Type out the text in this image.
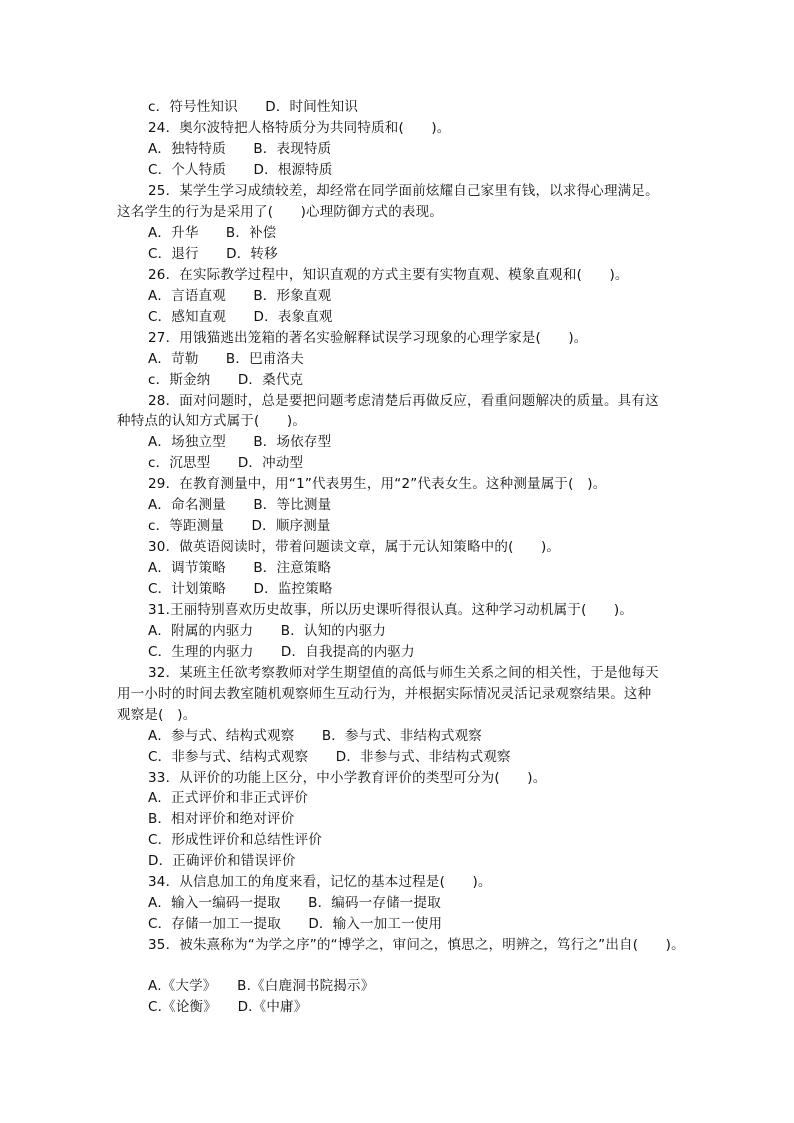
c．符号性知识　　D．时间性知识
24．奥尔波特把人格特质分为共同特质和(　　)。
A．独特特质　　B．表现特质
C．个人特质　　D．根源特质
25．某学生学习成绩较差，却经常在同学面前炫耀自己家里有钱，以求得心理满足。
这名学生的行为是采用了(　　)心理防御方式的表现。
A．升华　　B．补偿
C．退行　　D．转移
26．在实际教学过程中，知识直观的方式主要有实物直观、模象直观和(　　)。
A．言语直观　　B．形象直观
C．感知直观　　D．表象直观
27．用饿猫逃出笼箱的著名实验解释试误学习现象的心理学家是(　　)。
A．苛勒　　B．巴甫洛夫
c．斯金纳　　D．桑代克
28．面对问题时，总是要把问题考虑清楚后再做反应，看重问题解决的质量。具有这
种特点的认知方式属于(　　)。
A．场独立型　　B．场依存型
c．沉思型　　D．冲动型
29．在教育测量中，用“1”代表男生，用“2”代表女生。这种测量属于(　)。
A．命名测量　　B．等比测量
c．等距测量　　D．顺序测量
30．做英语阅读时，带着问题读文章，属于元认知策略中的(　　)。
A．调节策略　　B．注意策略
C．计划策略　　D．监控策略
31.王丽特别喜欢历史故事，所以历史课听得很认真。这种学习动机属于(　　)。
A．附属的内驱力　　B．认知的内驱力
C．生理的内驱力　　D．自我提高的内驱力
32．某班主任欲考察教师对学生期望值的高低与师生关系之间的相关性，于是他每天
用一小时的时间去教室随机观察师生互动行为，并根据实际情况灵活记录观察结果。这种
观察是(　)。
A．参与式、结构式观察　　B．参与式、非结构式观察
C．非参与式、结构式观察　　D．非参与式、非结构式观察
33．从评价的功能上区分，中小学教育评价的类型可分为(　　)。
A．正式评价和非正式评价
B．相对评价和绝对评价
C．形成性评价和总结性评价
D．正确评价和错误评价
34．从信息加工的角度来看，记忆的基本过程是(　　)。
A．输入一编码一提取　　B．编码一存储一提取
C．存储一加工一提取　　D．输入一加工一使用
35．被朱熹称为“为学之序”的“博学之，审问之，慎思之，明辨之，笃行之”出自(　　)。
A.《大学》　　B.《白鹿洞书院揭示》
C.《论衡》　　D.《中庸》
